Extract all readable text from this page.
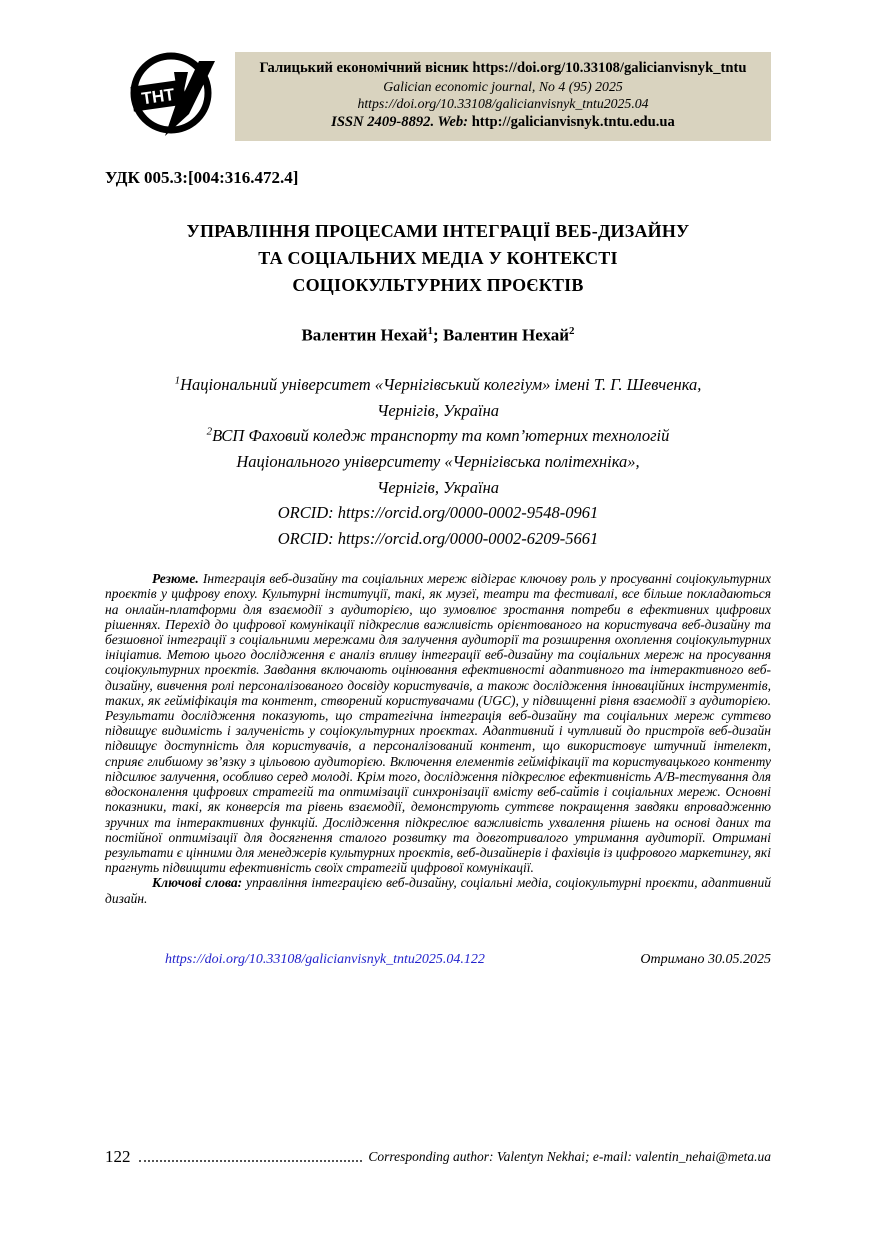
ТНТ
Галицький економічний вісник https://doi.org/10.33108/galicianvisnyk_tntu
Galician economic journal, No 4 (95) 2025
https://doi.org/10.33108/galicianvisnyk_tntu2025.04
ISSN 2409-8892. Web: http://galicianvisnyk.tntu.edu.ua
УДК 005.3:[004:316.472.4]
УПРАВЛІННЯ ПРОЦЕСАМИ ІНТЕГРАЦІЇ ВЕБ-ДИЗАЙНУ
ТА СОЦІАЛЬНИХ МЕДІА У КОНТЕКСТІ
СОЦІОКУЛЬТУРНИХ ПРОЄКТІВ
Валентин Нехай$^1$; Валентин Нехай$^2$
$^1$Національний університет «Чернігівський колегіум» імені Т. Г. Шевченка,
Чернігів, Україна
$^2$ВСП Фаховий коледж транспорту та комп’ютерних технологій
Національного університету «Чернігівська політехніка»,
Чернігів, Україна
ORCID: https://orcid.org/0000-0002-9548-0961
ORCID: https://orcid.org/0000-0002-6209-5661

Резюме. Інтеграція веб-дизайну та соціальних мереж відіграє ключову роль у просуванні соціокультурних проєктів у цифрову епоху. Культурні інституції, такі, як музеї, театри та фестивалі, все більше покладаються на онлайн-платформи для взаємодії з аудиторією, що зумовлює зростання потреби в ефективних цифрових рішеннях. Перехід до цифрової комунікації підкреслив важливість орієнтованого на користувача веб-дизайну та безшовної інтеграції з соціальними мережами для залучення аудиторії та розширення охоплення соціокультурних ініціатив. Метою цього дослідження є аналіз впливу інтеграції веб-дизайну та соціальних мереж на просування соціокультурних проєктів. Завдання включають оцінювання ефективності адаптивного та інтерактивного веб-дизайну, вивчення ролі персоналізованого досвіду користувачів, а також дослідження інноваційних інструментів, таких, як гейміфікація та контент, створений користувачами (UGC), у підвищенні рівня взаємодії з аудиторією. Результати дослідження показують, що стратегічна інтеграція веб-дизайну та соціальних мереж суттєво підвищує видимість і залученість у соціокультурних проєктах. Адаптивний і чутливий до пристроїв веб-дизайн підвищує доступність для користувачів, а персоналізований контент, що використовує штучний інтелект, сприяє глибшому зв’язку з цільовою аудиторією. Включення елементів гейміфікації та користувацького контенту підсилює залучення, особливо серед молоді. Крім того, дослідження підкреслює ефективність A/B-тестування для вдосконалення цифрових стратегій та оптимізації синхронізації вмісту веб-сайтів і соціальних мереж. Основні показники, такі, як конверсія та рівень взаємодії, демонструють суттєве покращення завдяки впровадженню зручних та інтерактивних функцій. Дослідження підкреслює важливість ухвалення рішень на основі даних та постійної оптимізації для досягнення сталого розвитку та довготривалого утримання аудиторії. Отримані результати є цінними для менеджерів культурних проєктів, веб-дизайнерів і фахівців із цифрового маркетингу, які прагнуть підвищити ефективність своїх стратегій цифрової комунікації.

Ключові слова: управління інтеграцією веб-дизайну, соціальні медіа, соціокультурні проєкти, адаптивний дизайн.

https://doi.org/10.33108/galicianvisnyk_tntu2025.04.122	Отримано 30.05.2025
122	Corresponding author: Valentyn Nekhai; e-mail: valentin_nehai@meta.ua
